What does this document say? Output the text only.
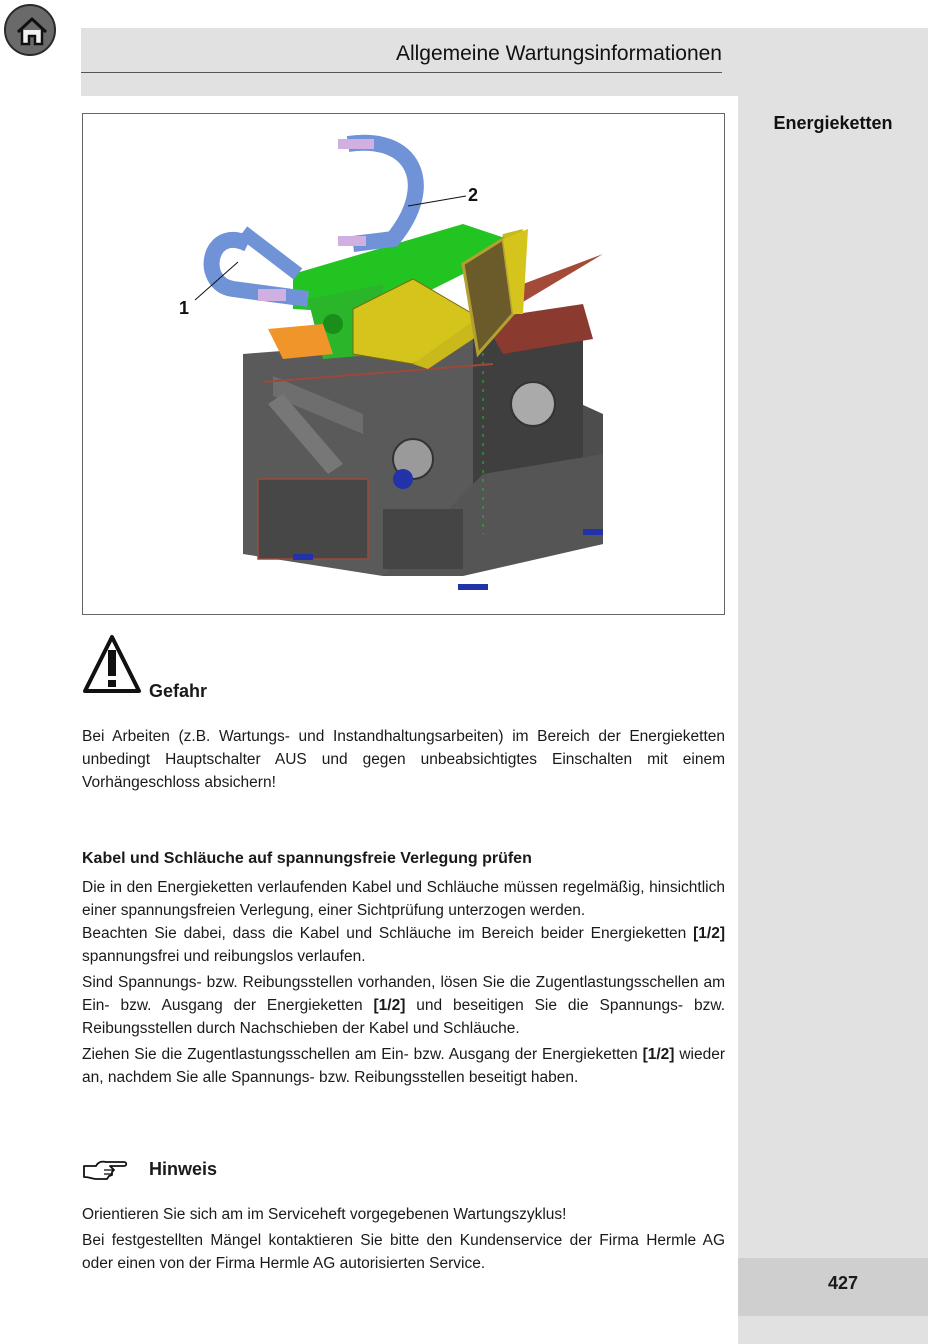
Allgemeine Wartungsinformationen
Energieketten
427
1
2
Gefahr

Bei Arbeiten (z.B. Wartungs- und Instandhaltungsarbeiten) im Bereich der Energieketten unbedingt Hauptschalter AUS und gegen unbeabsichtigtes Einschalten mit einem Vorhängeschloss absichern!

Kabel und Schläuche auf spannungsfreie Verlegung prüfen

Die in den Energieketten verlaufenden Kabel und Schläuche müssen regelmäßig, hinsichtlich einer spannungsfreien Verlegung, einer Sichtprüfung unterzogen werden.

Beachten Sie dabei, dass die Kabel und Schläuche im Bereich beider Energieketten [1/2] spannungsfrei und reibungslos verlaufen.

Sind Spannungs- bzw. Reibungsstellen vorhanden, lösen Sie die Zugentlastungsschellen am Ein- bzw. Ausgang der Energieketten [1/2] und beseitigen Sie die Spannungs- bzw. Reibungsstellen durch Nachschieben der Kabel und Schläuche.

Ziehen Sie die Zugentlastungsschellen am Ein- bzw. Ausgang der Energieketten [1/2] wieder an, nachdem Sie alle Spannungs- bzw. Reibungsstellen beseitigt haben.

Hinweis

Orientieren Sie sich am im Serviceheft vorgegebenen Wartungszyklus!

Bei festgestellten Mängel kontaktieren Sie bitte den Kundenservice der Firma Hermle AG oder einen von der Firma Hermle AG autorisierten Service.
